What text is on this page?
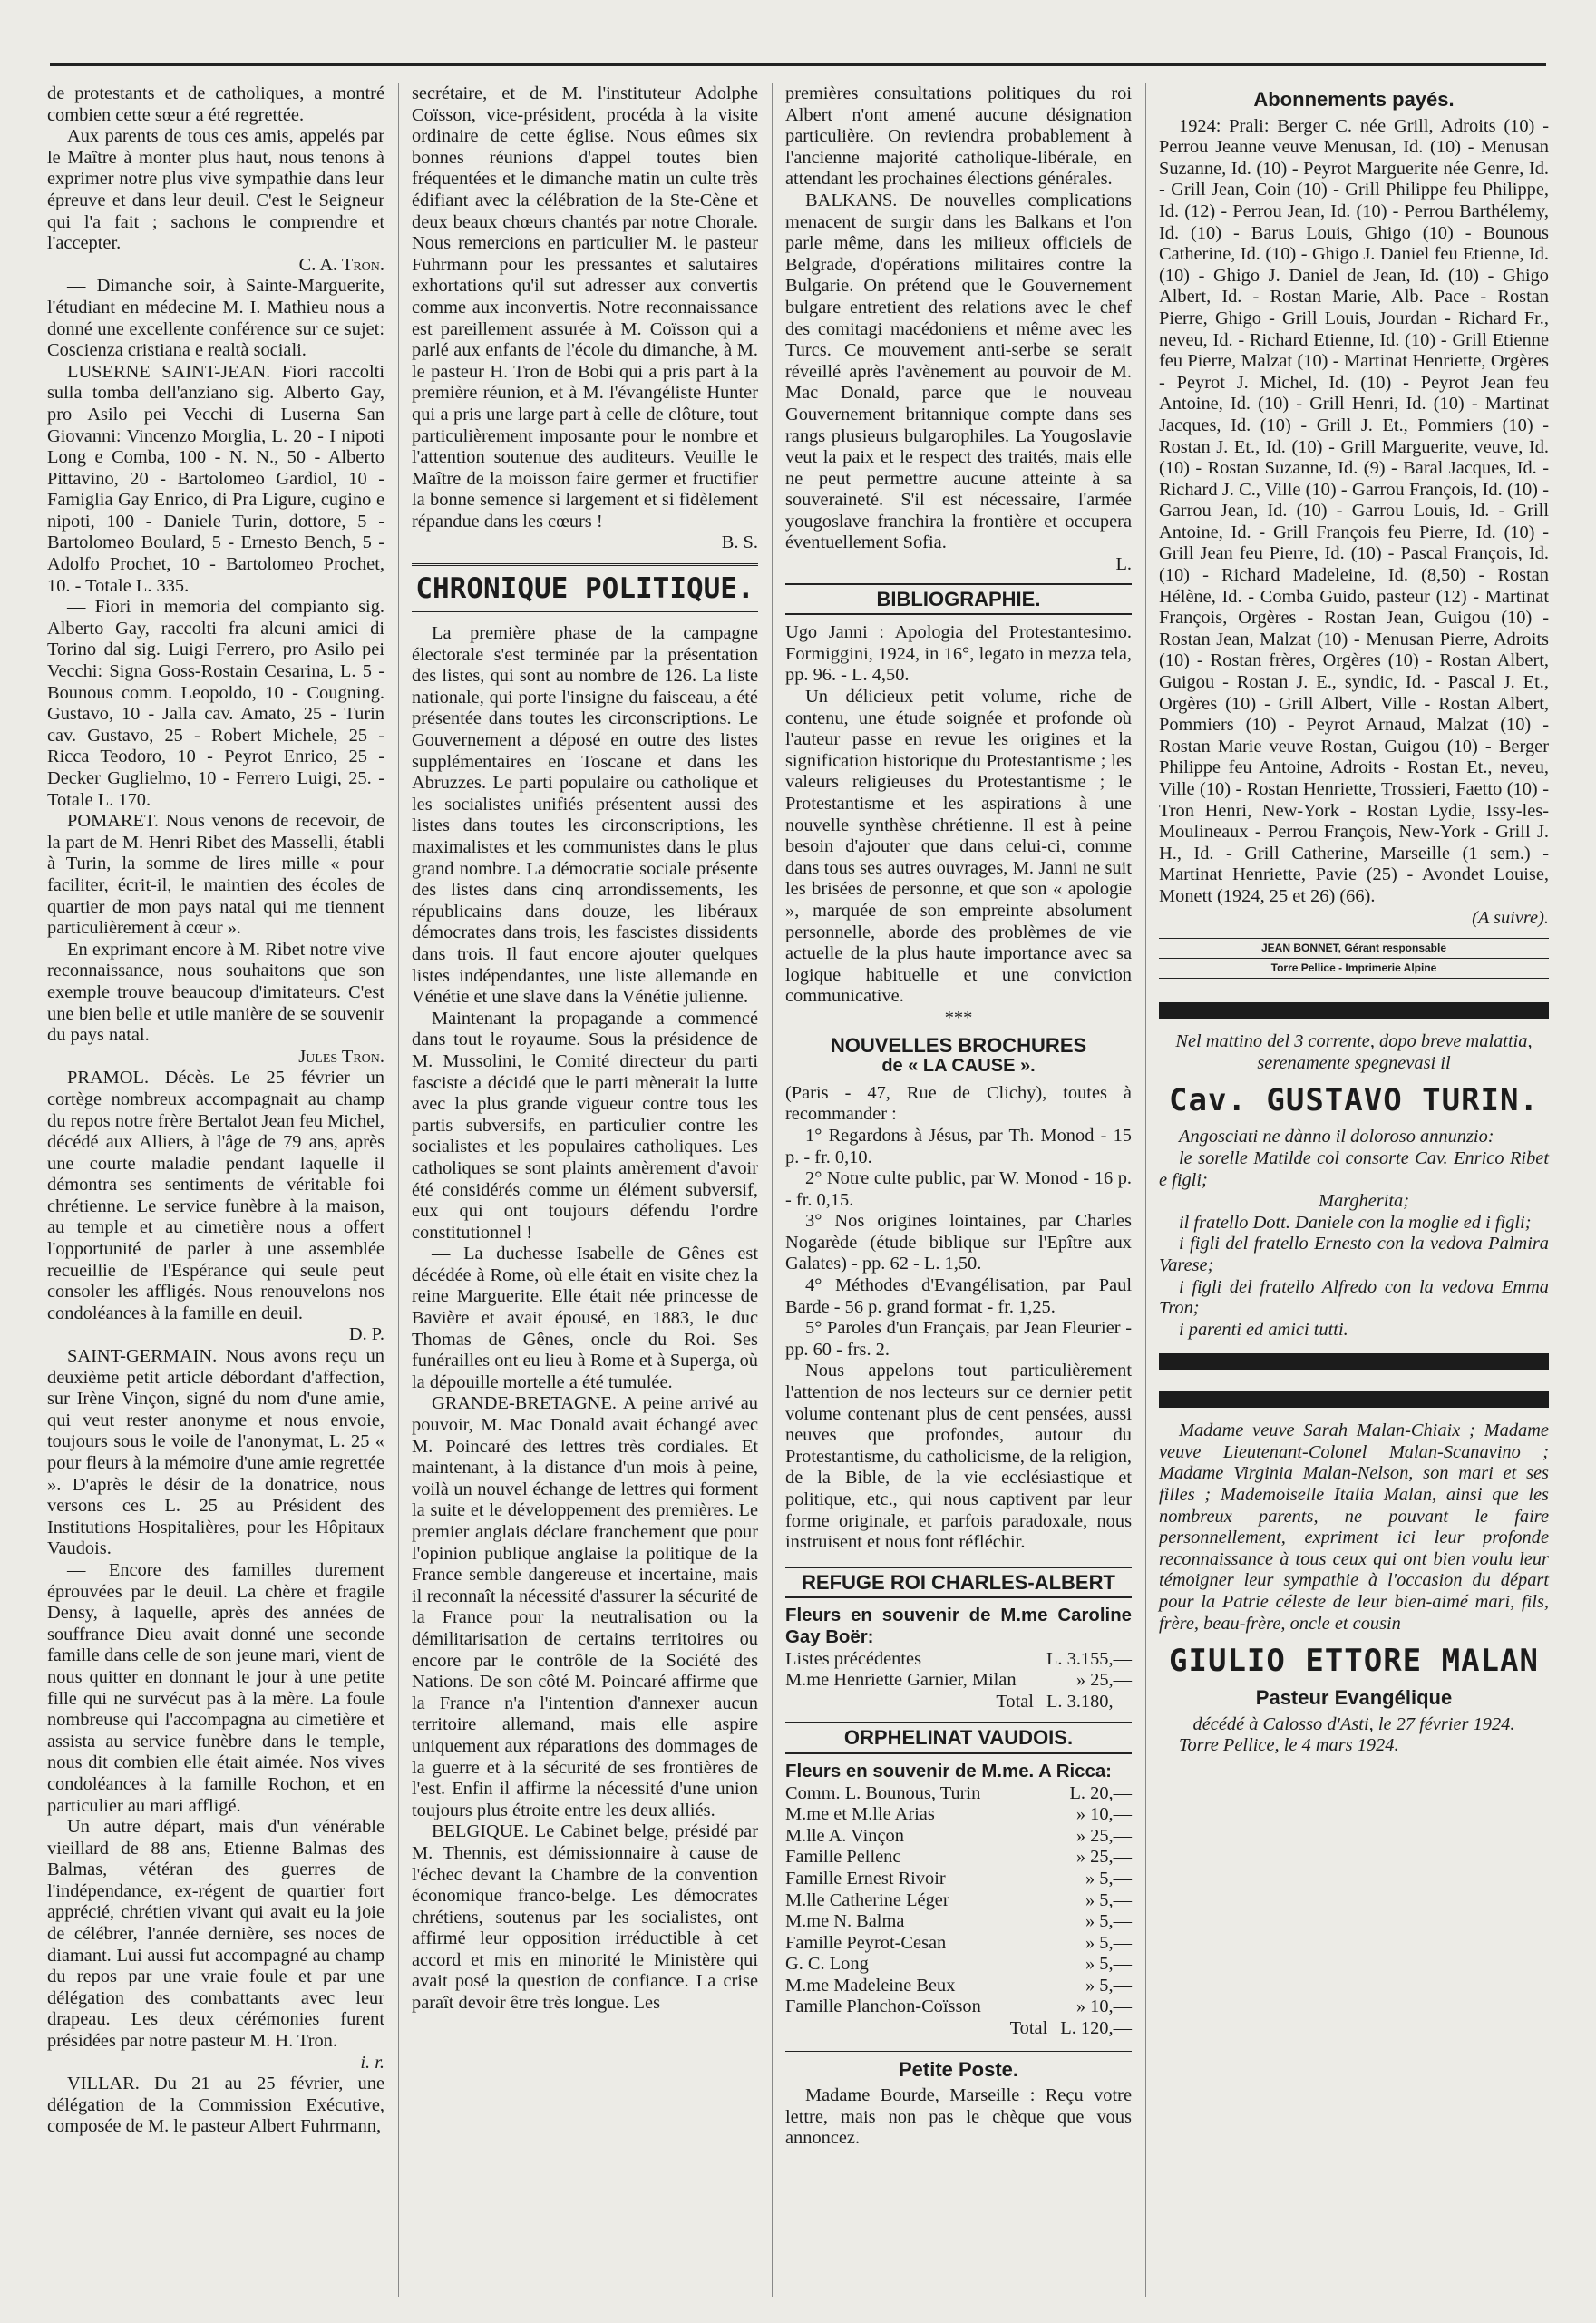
de protestants et de catholiques, a montré combien cette sœur a été regrettée.

Aux parents de tous ces amis, appelés par le Maître à monter plus haut, nous tenons à exprimer notre plus vive sympathie dans leur épreuve et dans leur deuil. C'est le Seigneur qui l'a fait ; sachons le comprendre et l'accepter.

C. A. Tron.

— Dimanche soir, à Sainte-Marguerite, l'étudiant en médecine M. I. Mathieu nous a donné une excellente conférence sur ce sujet: Coscienza cristiana e realtà sociali.

LUSERNE SAINT-JEAN. Fiori raccolti sulla tomba dell'anziano sig. Alberto Gay, pro Asilo pei Vecchi di Luserna San Giovanni: Vincenzo Morglia, L. 20 - I nipoti Long e Comba, 100 - N. N., 50 - Alberto Pittavino, 20 - Bartolomeo Gardiol, 10 - Famiglia Gay Enrico, di Pra Ligure, cugino e nipoti, 100 - Daniele Turin, dottore, 5 - Bartolomeo Boulard, 5 - Ernesto Bench, 5 - Adolfo Prochet, 10 - Bartolomeo Prochet, 10. - Totale L. 335.

— Fiori in memoria del compianto sig. Alberto Gay, raccolti fra alcuni amici di Torino dal sig. Luigi Ferrero, pro Asilo pei Vecchi: Signa Goss-Rostain Cesarina, L. 5 - Bounous comm. Leopoldo, 10 - Cougning. Gustavo, 10 - Jalla cav. Amato, 25 - Turin cav. Gustavo, 25 - Robert Michele, 25 - Ricca Teodoro, 10 - Peyrot Enrico, 25 - Decker Guglielmo, 10 - Ferrero Luigi, 25. - Totale L. 170.

POMARET. Nous venons de recevoir, de la part de M. Henri Ribet des Masselli, établi à Turin, la somme de lires mille « pour faciliter, écrit-il, le maintien des écoles de quartier de mon pays natal qui me tiennent particulièrement à cœur ».

En exprimant encore à M. Ribet notre vive reconnaissance, nous souhaitons que son exemple trouve beaucoup d'imitateurs. C'est une bien belle et utile manière de se souvenir du pays natal.

Jules Tron.

PRAMOL. Décès. Le 25 février un cortège nombreux accompagnait au champ du repos notre frère Bertalot Jean feu Michel, décédé aux Alliers, à l'âge de 79 ans, après une courte maladie pendant laquelle il démontra ses sentiments de véritable foi chrétienne. Le service funèbre à la maison, au temple et au cimetière nous a offert l'opportunité de parler à une assemblée recueillie de l'Espérance qui seule peut consoler les affligés. Nous renouvelons nos condoléances à la famille en deuil.

D. P.

SAINT-GERMAIN. Nous avons reçu un deuxième petit article débordant d'affection, sur Irène Vinçon, signé du nom d'une amie, qui veut rester anonyme et nous envoie, toujours sous le voile de l'anonymat, L. 25 « pour fleurs à la mémoire d'une amie regrettée ». D'après le désir de la donatrice, nous versons ces L. 25 au Président des Institutions Hospitalières, pour les Hôpitaux Vaudois.

— Encore des familles durement éprouvées par le deuil. La chère et fragile Densy, à laquelle, après des années de souffrance Dieu avait donné une seconde famille dans celle de son jeune mari, vient de nous quitter en donnant le jour à une petite fille qui ne survécut pas à la mère. La foule nombreuse qui l'accompagna au cimetière et assista au service funèbre dans le temple, nous dit combien elle était aimée. Nos vives condoléances à la famille Rochon, et en particulier au mari affligé.

Un autre départ, mais d'un vénérable vieillard de 88 ans, Etienne Balmas des Balmas, vétéran des guerres de l'indépendance, ex-régent de quartier fort apprécié, chrétien vivant qui avait eu la joie de célébrer, l'année dernière, ses noces de diamant. Lui aussi fut accompagné au champ du repos par une vraie foule et par une délégation des combattants avec leur drapeau. Les deux cérémonies furent présidées par notre pasteur M. H. Tron.

i. r.

VILLAR. Du 21 au 25 février, une délégation de la Commission Exécutive, composée de M. le pasteur Albert Fuhrmann,

secrétaire, et de M. l'instituteur Adolphe Coïsson, vice-président, procéda à la visite ordinaire de cette église. Nous eûmes six bonnes réunions d'appel toutes bien fréquentées et le dimanche matin un culte très édifiant avec la célébration de la Ste-Cène et deux beaux chœurs chantés par notre Chorale. Nous remercions en particulier M. le pasteur Fuhrmann pour les pressantes et salutaires exhortations qu'il sut adresser aux convertis comme aux inconvertis. Notre reconnaissance est pareillement assurée à M. Coïsson qui a parlé aux enfants de l'école du dimanche, à M. le pasteur H. Tron de Bobi qui a pris part à la première réunion, et à M. l'évangéliste Hunter qui a pris une large part à celle de clôture, tout particulièrement imposante pour le nombre et l'attention soutenue des auditeurs. Veuille le Maître de la moisson faire germer et fructifier la bonne semence si largement et si fidèlement répandue dans les cœurs !

B. S.

CHRONIQUE POLITIQUE.

La première phase de la campagne électorale s'est terminée par la présentation des listes, qui sont au nombre de 126. La liste nationale, qui porte l'insigne du faisceau, a été présentée dans toutes les circonscriptions. Le Gouvernement a déposé en outre des listes supplémentaires en Toscane et dans les Abruzzes. Le parti populaire ou catholique et les socialistes unifiés présentent aussi des listes dans toutes les circonscriptions, les maximalistes et les communistes dans le plus grand nombre. La démocratie sociale présente des listes dans cinq arrondissements, les républicains dans douze, les libéraux démocrates dans trois, les fascistes dissidents dans trois. Il faut encore ajouter quelques listes indépendantes, une liste allemande en Vénétie et une slave dans la Vénétie julienne.

Maintenant la propagande a commencé dans tout le royaume. Sous la présidence de M. Mussolini, le Comité directeur du parti fasciste a décidé que le parti mènerait la lutte avec la plus grande vigueur contre tous les partis subversifs, en particulier contre les socialistes et les populaires catholiques. Les catholiques se sont plaints amèrement d'avoir été considérés comme un élément subversif, eux qui ont toujours défendu l'ordre constitutionnel !

— La duchesse Isabelle de Gênes est décédée à Rome, où elle était en visite chez la reine Marguerite. Elle était née princesse de Bavière et avait épousé, en 1883, le duc Thomas de Gênes, oncle du Roi. Ses funérailles ont eu lieu à Rome et à Superga, où la dépouille mortelle a été tumulée.

GRANDE-BRETAGNE. A peine arrivé au pouvoir, M. Mac Donald avait échangé avec M. Poincaré des lettres très cordiales. Et maintenant, à la distance d'un mois à peine, voilà un nouvel échange de lettres qui forment la suite et le développement des premières. Le premier anglais déclare franchement que pour l'opinion publique anglaise la politique de la France semble dangereuse et incertaine, mais il reconnaît la nécessité d'assurer la sécurité de la France pour la neutralisation ou la démilitarisation de certains territoires ou encore par le contrôle de la Société des Nations. De son côté M. Poincaré affirme que la France n'a l'intention d'annexer aucun territoire allemand, mais elle aspire uniquement aux réparations des dommages de la guerre et à la sécurité de ses frontières de l'est. Enfin il affirme la nécessité d'une union toujours plus étroite entre les deux alliés.

BELGIQUE. Le Cabinet belge, présidé par M. Thennis, est démissionnaire à cause de l'échec devant la Chambre de la convention économique franco-belge. Les démocrates chrétiens, soutenus par les socialistes, ont affirmé leur opposition irréductible à cet accord et mis en minorité le Ministère qui avait posé la question de confiance. La crise paraît devoir être très longue. Les

premières consultations politiques du roi Albert n'ont amené aucune désignation particulière. On reviendra probablement à l'ancienne majorité catholique-libérale, en attendant les prochaines élections générales.

BALKANS. De nouvelles complications menacent de surgir dans les Balkans et l'on parle même, dans les milieux officiels de Belgrade, d'opérations militaires contre la Bulgarie. On prétend que le Gouvernement bulgare entretient des relations avec le chef des comitagi macédoniens et même avec les Turcs. Ce mouvement anti-serbe se serait réveillé après l'avènement au pouvoir de M. Mac Donald, parce que le nouveau Gouvernement britannique compte dans ses rangs plusieurs bulgarophiles. La Yougoslavie veut la paix et le respect des traités, mais elle ne peut permettre aucune atteinte à sa souveraineté. S'il est nécessaire, l'armée yougoslave franchira la frontière et occupera éventuellement Sofia.

L.

BIBLIOGRAPHIE.

Ugo Janni : Apologia del Protestantesimo. Formiggini, 1924, in 16°, legato in mezza tela, pp. 96. - L. 4,50.

Un délicieux petit volume, riche de contenu, une étude soignée et profonde où l'auteur passe en revue les origines et la signification historique du Protestantisme ; les valeurs religieuses du Protestantisme ; le Protestantisme et les aspirations à une nouvelle synthèse chrétienne. Il est à peine besoin d'ajouter que dans celui-ci, comme dans tous ses autres ouvrages, M. Janni ne suit les brisées de personne, et que son « apologie », marquée de son empreinte absolument personnelle, aborde des problèmes de vie actuelle de la plus haute importance avec sa logique habituelle et une conviction communicative.

***

NOUVELLES BROCHURES
de « LA CAUSE ».

(Paris - 47, Rue de Clichy), toutes à recommander :

1° Regardons à Jésus, par Th. Monod - 15 p. - fr. 0,10.

2° Notre culte public, par W. Monod - 16 p. - fr. 0,15.

3° Nos origines lointaines, par Charles Nogarède (étude biblique sur l'Epître aux Galates) - pp. 62 - L. 1,50.

4° Méthodes d'Evangélisation, par Paul Barde - 56 p. grand format - fr. 1,25.

5° Paroles d'un Français, par Jean Fleurier - pp. 60 - frs. 2.

Nous appelons tout particulièrement l'attention de nos lecteurs sur ce dernier petit volume contenant plus de cent pensées, aussi neuves que profondes, autour du Protestantisme, du catholicisme, de la religion, de la Bible, de la vie ecclésiastique et politique, etc., qui nous captivent par leur forme originale, et parfois paradoxale, nous instruisent et nous font réfléchir.

REFUGE ROI CHARLES-ALBERT
Fleurs en souvenir de M.me Caroline Gay Boër:
Listes précédentes	L. 3.155,—
M.me Henriette Garnier, Milan	» 25,—
Total L. 3.180,—
ORPHELINAT VAUDOIS.
Fleurs en souvenir de M.me. A Ricca:
Comm. L. Bounous, Turin	L. 20,—
M.me et M.lle Arias	» 10,—
M.lle A. Vinçon	» 25,—
Famille Pellenc	» 25,—
Famille Ernest Rivoir	» 5,—
M.lle Catherine Léger	» 5,—
M.me N. Balma	» 5,—
Famille Peyrot-Cesan	» 5,—
G. C. Long	» 5,—
M.me Madeleine Beux	» 5,—
Famille Planchon-Coïsson	» 10,—
Total L. 120,—
Petite Poste.

Madame Bourde, Marseille : Reçu votre lettre, mais non pas le chèque que vous annoncez.

Abonnements payés.

1924: Prali: Berger C. née Grill, Adroits (10) - Perrou Jeanne veuve Menusan, Id. (10) - Menusan Suzanne, Id. (10) - Peyrot Marguerite née Genre, Id. - Grill Jean, Coin (10) - Grill Philippe feu Philippe, Id. (12) - Perrou Jean, Id. (10) - Perrou Barthélemy, Id. (10) - Barus Louis, Ghigo (10) - Bounous Catherine, Id. (10) - Ghigo J. Daniel feu Etienne, Id. (10) - Ghigo J. Daniel de Jean, Id. (10) - Ghigo Albert, Id. - Rostan Marie, Alb. Pace - Rostan Pierre, Ghigo - Grill Louis, Jourdan - Richard Fr., neveu, Id. - Richard Etienne, Id. (10) - Grill Etienne feu Pierre, Malzat (10) - Martinat Henriette, Orgères - Peyrot J. Michel, Id. (10) - Peyrot Jean feu Antoine, Id. (10) - Grill Henri, Id. (10) - Martinat Jacques, Id. (10) - Grill J. Et., Pommiers (10) - Rostan J. Et., Id. (10) - Grill Marguerite, veuve, Id. (10) - Rostan Suzanne, Id. (9) - Baral Jacques, Id. - Richard J. C., Ville (10) - Garrou François, Id. (10) - Garrou Jean, Id. (10) - Garrou Louis, Id. - Grill Antoine, Id. - Grill François feu Pierre, Id. (10) - Grill Jean feu Pierre, Id. (10) - Pascal François, Id. (10) - Richard Madeleine, Id. (8,50) - Rostan Hélène, Id. - Comba Guido, pasteur (12) - Martinat François, Orgères - Rostan Jean, Guigou (10) - Rostan Jean, Malzat (10) - Menusan Pierre, Adroits (10) - Rostan frères, Orgères (10) - Rostan Albert, Guigou - Rostan J. E., syndic, Id. - Pascal J. Et., Orgères (10) - Grill Albert, Ville - Rostan Albert, Pommiers (10) - Peyrot Arnaud, Malzat (10) - Rostan Marie veuve Rostan, Guigou (10) - Berger Philippe feu Antoine, Adroits - Rostan Et., neveu, Ville (10) - Rostan Henriette, Trossieri, Faetto (10) - Tron Henri, New-York - Rostan Lydie, Issy-les-Moulineaux - Perrou François, New-York - Grill J. H., Id. - Grill Catherine, Marseille (1 sem.) - Martinat Henriette, Pavie (25) - Avondet Louise, Monett (1924, 25 et 26) (66).

(A suivre).

JEAN BONNET, Gérant responsable
Torre Pellice - Imprimerie Alpine

Nel mattino del 3 corrente, dopo breve malattia, serenamente spegnevasi il

Cav. GUSTAVO TURIN.

Angosciati ne dànno il doloroso annunzio:

le sorelle Matilde col consorte Cav. Enrico Ribet e figli;

Margherita;

il fratello Dott. Daniele con la moglie ed i figli;

i figli del fratello Ernesto con la vedova Palmira Varese;

i figli del fratello Alfredo con la vedova Emma Tron;

i parenti ed amici tutti.

Madame veuve Sarah Malan-Chiaix ; Madame veuve Lieutenant-Colonel Malan-Scanavino ; Madame Virginia Malan-Nelson, son mari et ses filles ; Mademoiselle Italia Malan, ainsi que les nombreux parents, ne pouvant le faire personnellement, expriment ici leur profonde reconnaissance à tous ceux qui ont bien voulu leur témoigner leur sympathie à l'occasion du départ pour la Patrie céleste de leur bien-aimé mari, fils, frère, beau-frère, oncle et cousin

GIULIO ETTORE MALAN
Pasteur Evangélique

décédé à Calosso d'Asti, le 27 février 1924.

Torre Pellice, le 4 mars 1924.
